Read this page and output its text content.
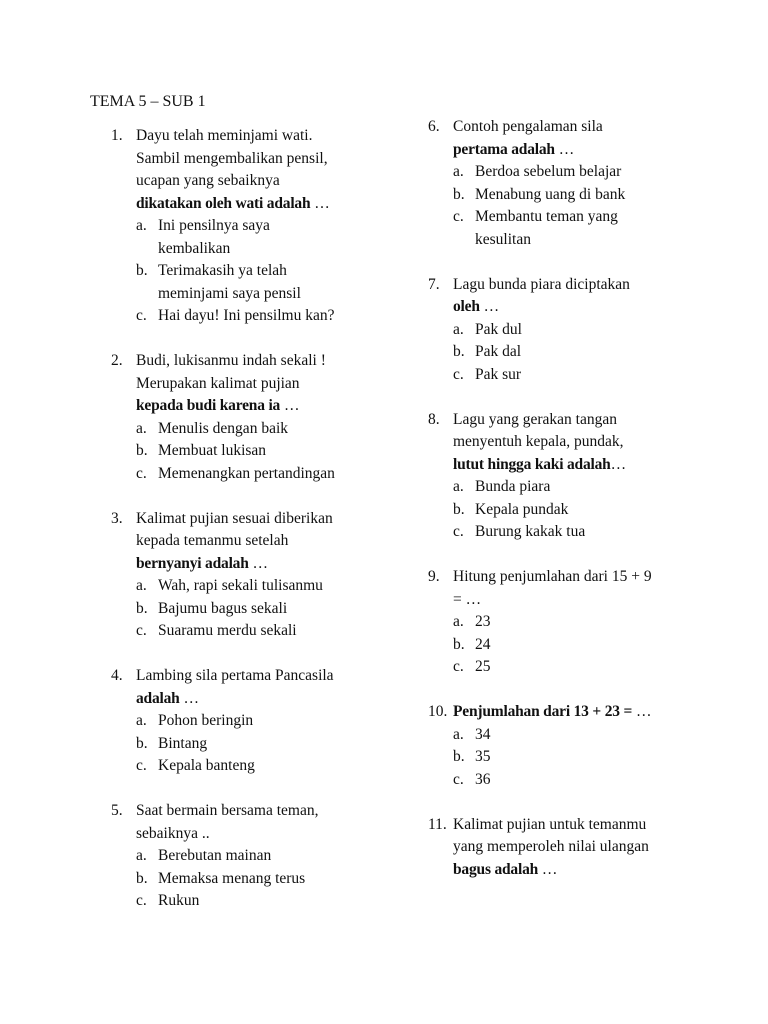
TEMA 5 – SUB 1
1. Dayu telah meminjami wati.
Sambil mengembalikan pensil,
ucapan yang sebaiknya
dikatakan oleh wati adalah …
a. Ini pensilnya saya
kembalikan
b. Terimakasih ya telah
meminjami saya pensil
c. Hai dayu! Ini pensilmu kan?
2. Budi, lukisanmu indah sekali !
Merupakan kalimat pujian
kepada budi karena ia …
a. Menulis dengan baik
b. Membuat lukisan
c. Memenangkan pertandingan
3. Kalimat pujian sesuai diberikan
kepada temanmu setelah
bernyanyi adalah …
a. Wah, rapi sekali tulisanmu
b. Bajumu bagus sekali
c. Suaramu merdu sekali
4. Lambing sila pertama Pancasila
adalah …
a. Pohon beringin
b. Bintang
c. Kepala banteng
5. Saat bermain bersama teman,
sebaiknya ..
a. Berebutan mainan
b. Memaksa menang terus
c. Rukun
6. Contoh pengalaman sila
pertama adalah …
a. Berdoa sebelum belajar
b. Menabung uang di bank
c. Membantu teman yang
kesulitan
7. Lagu bunda piara diciptakan
oleh …
a. Pak dul
b. Pak dal
c. Pak sur
8. Lagu yang gerakan tangan
menyentuh kepala, pundak,
lutut hingga kaki adalah…
a. Bunda piara
b. Kepala pundak
c. Burung kakak tua
9. Hitung penjumlahan dari 15 + 9
= …
a. 23
b. 24
c. 25
10. Penjumlahan dari 13 + 23 = …
a. 34
b. 35
c. 36
11. Kalimat pujian untuk temanmu
yang memperoleh nilai ulangan
bagus adalah …
